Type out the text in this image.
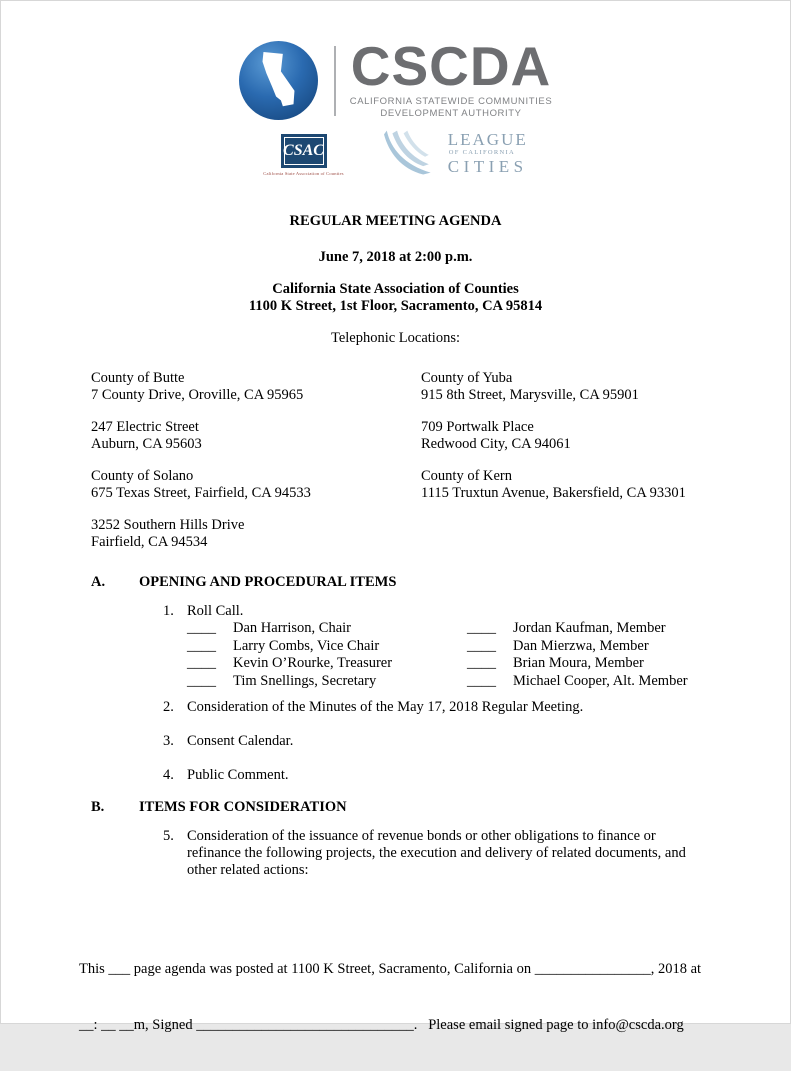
CSCDA
CALIFORNIA STATEWIDE COMMUNITIES
DEVELOPMENT AUTHORITY
CSAC
California State Association of Counties
LEAGUE
OF CALIFORNIA
CITIES
REGULAR MEETING AGENDA
June 7, 2018 at 2:00 p.m.
California State Association of Counties
1100 K Street, 1st Floor, Sacramento, CA 95814
Telephonic Locations:
County of Butte
7 County Drive, Oroville, CA 95965
County of Yuba
915 8th Street, Marysville, CA 95901
247 Electric Street
Auburn, CA 95603
709 Portwalk Place
Redwood City, CA 94061
County of Solano
675 Texas Street, Fairfield, CA 94533
County of Kern
1115 Truxtun Avenue, Bakersfield, CA 93301
3252 Southern Hills Drive
Fairfield, CA 94534
A.	OPENING AND PROCEDURAL ITEMS
1. Roll Call.
____ Dan Harrison, Chair	____ Jordan Kaufman, Member
____ Larry Combs, Vice Chair	____ Dan Mierzwa, Member
____ Kevin O’Rourke, Treasurer	____ Brian Moura, Member
____ Tim Snellings, Secretary	____ Michael Cooper, Alt. Member
2. Consideration of the Minutes of the May 17, 2018 Regular Meeting.
3. Consent Calendar.
4. Public Comment.
B.	ITEMS FOR CONSIDERATION
5. Consideration of the issuance of revenue bonds or other obligations to finance or refinance the following projects, the execution and delivery of related documents, and other related actions:

This ___ page agenda was posted at 1100 K Street, Sacramento, California on ________________, 2018 at

__: __ __m, Signed ______________________________.   Please email signed page to info@cscda.org
